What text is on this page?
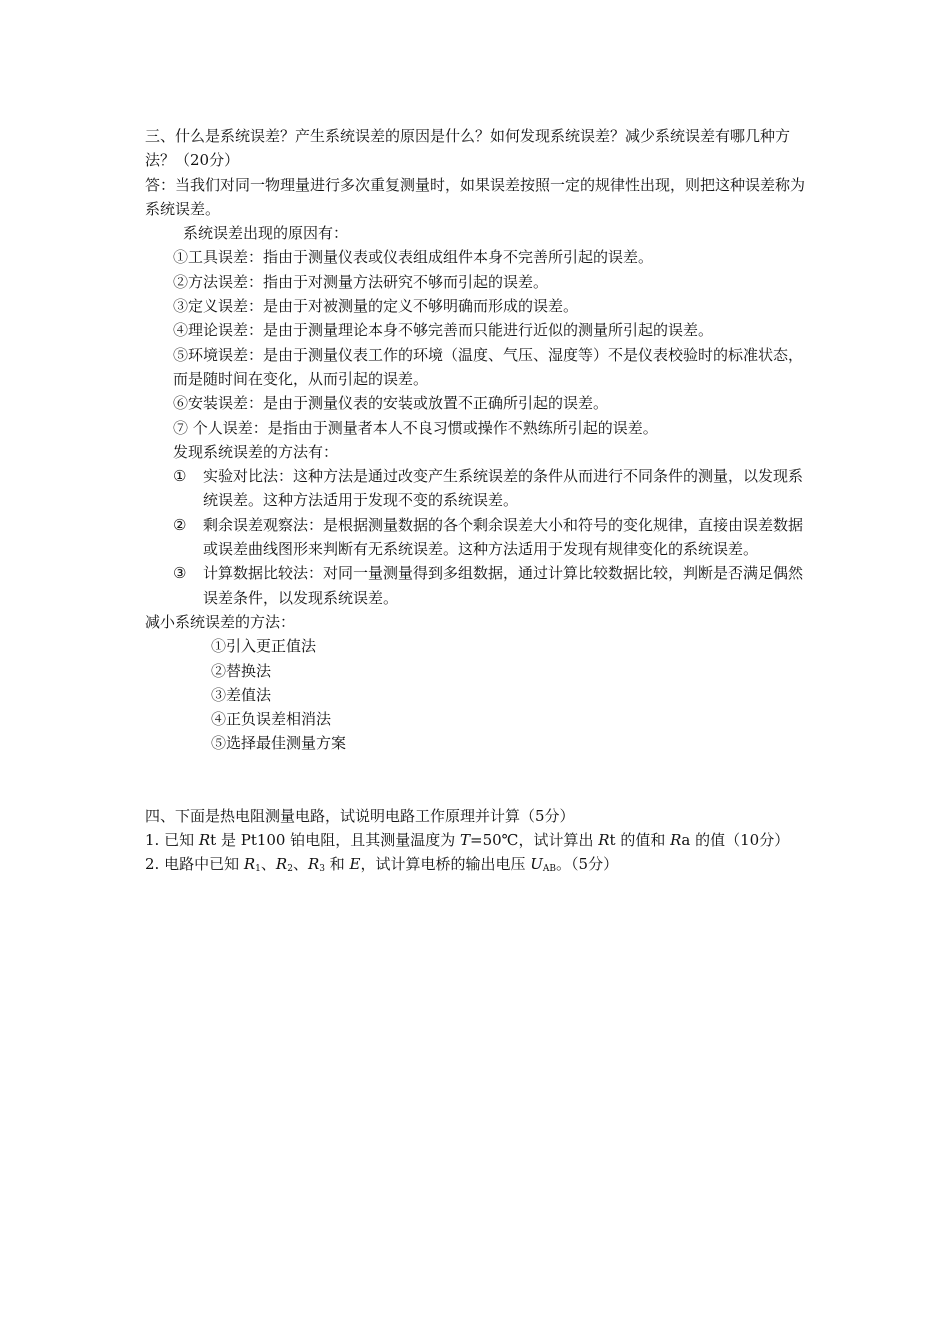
三、什么是系统误差？产生系统误差的原因是什么？如何发现系统误差？减少系统误差有哪几种方法？（20分）

答：当我们对同一物理量进行多次重复测量时，如果误差按照一定的规律性出现，则把这种误差称为系统误差。

系统误差出现的原因有：

①工具误差：指由于测量仪表或仪表组成组件本身不完善所引起的误差。

②方法误差：指由于对测量方法研究不够而引起的误差。

③定义误差：是由于对被测量的定义不够明确而形成的误差。

④理论误差：是由于测量理论本身不够完善而只能进行近似的测量所引起的误差。

⑤环境误差：是由于测量仪表工作的环境（温度、气压、湿度等）不是仪表校验时的标准状态，而是随时间在变化，从而引起的误差。

⑥安装误差：是由于测量仪表的安装或放置不正确所引起的误差。

⑦ 个人误差：是指由于测量者本人不良习惯或操作不熟练所引起的误差。

发现系统误差的方法有：

①	实验对比法：这种方法是通过改变产生系统误差的条件从而进行不同条件的测量，以发现系统误差。这种方法适用于发现不变的系统误差。
②	剩余误差观察法：是根据测量数据的各个剩余误差大小和符号的变化规律，直接由误差数据或误差曲线图形来判断有无系统误差。这种方法适用于发现有规律变化的系统误差。
③	计算数据比较法：对同一量测量得到多组数据，通过计算比较数据比较，判断是否满足偶然误差条件，以发现系统误差。

减小系统误差的方法：

①引入更正值法

②替换法

③差值法

④正负误差相消法

⑤选择最佳测量方案

四、下面是热电阻测量电路，试说明电路工作原理并计算（5分）

1. 已知 Rt 是 Pt100 铂电阻，且其测量温度为 T=50℃，试计算出 Rt 的值和 Ra 的值（10分）

2. 电路中已知 $R_1$、$R_2$、$R_3$ 和 E，试计算电桥的输出电压 $U_{AB}$。（5分）
